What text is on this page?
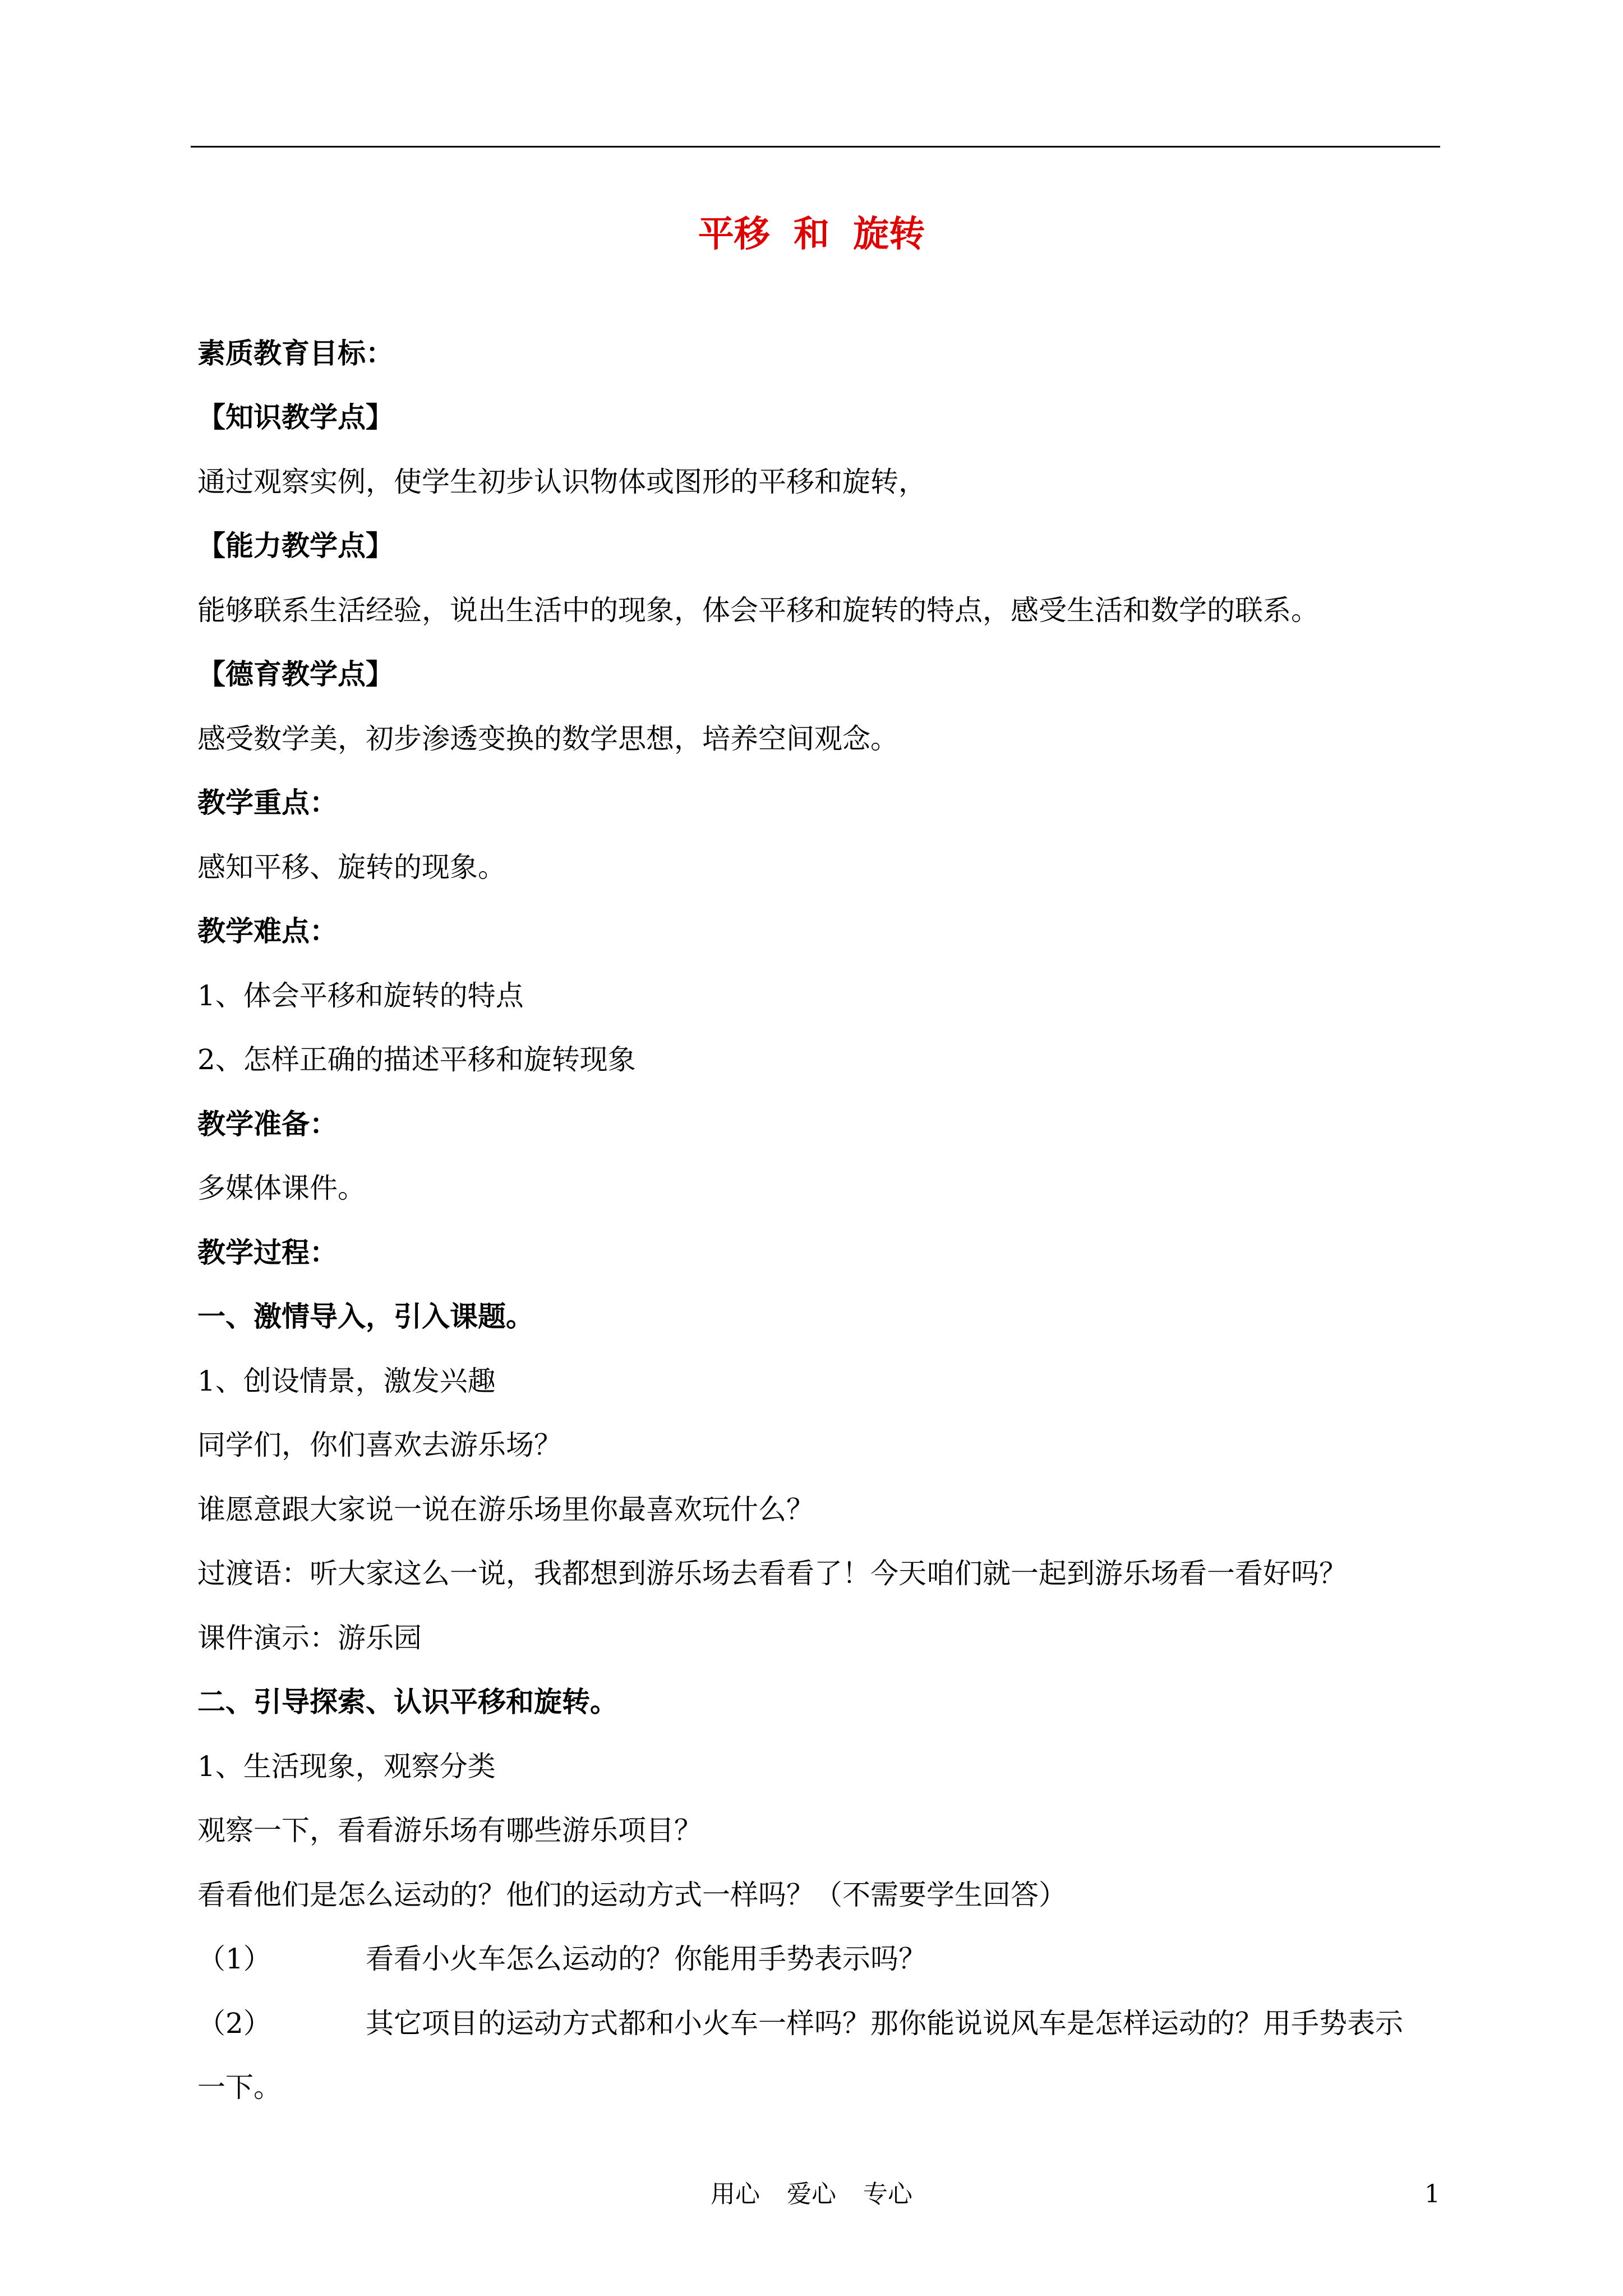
平移 和 旋转
素质教育目标：
【知识教学点】
通过观察实例，使学生初步认识物体或图形的平移和旋转，
【能力教学点】
能够联系生活经验，说出生活中的现象，体会平移和旋转的特点，感受生活和数学的联系。
【德育教学点】
感受数学美，初步渗透变换的数学思想，培养空间观念。
教学重点：
感知平移、旋转的现象。
教学难点：
1、体会平移和旋转的特点
2、怎样正确的描述平移和旋转现象
教学准备：
多媒体课件。
教学过程：
一、激情导入，引入课题。
1、创设情景，激发兴趣
同学们，你们喜欢去游乐场？
谁愿意跟大家说一说在游乐场里你最喜欢玩什么？
过渡语：听大家这么一说，我都想到游乐场去看看了！今天咱们就一起到游乐场看一看好吗？
课件演示：游乐园
二、引导探索、认识平移和旋转。
1、生活现象，观察分类
观察一下，看看游乐场有哪些游乐项目？
看看他们是怎么运动的？他们的运动方式一样吗？（不需要学生回答）
（1）	看看小火车怎么运动的？你能用手势表示吗？
（2）	其它项目的运动方式都和小火车一样吗？那你能说说风车是怎样运动的？用手势表示
一下。
用心 爱心 专心	1
